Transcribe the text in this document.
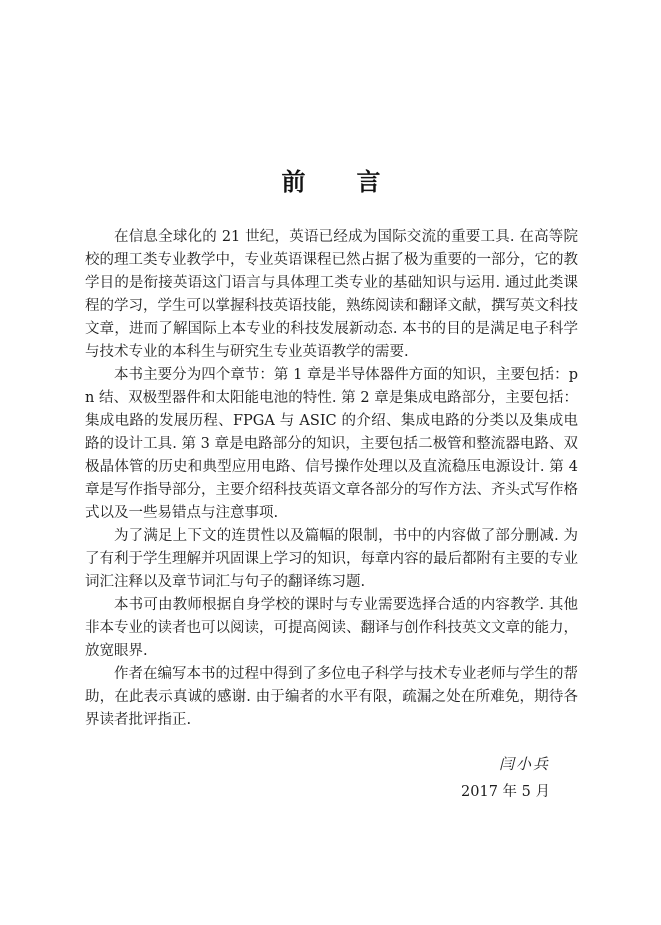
前　　言

在信息全球化的 21 世纪，英语已经成为国际交流的重要工具. 在高等院校的理工类专业教学中，专业英语课程已然占据了极为重要的一部分，它的教学目的是衔接英语这门语言与具体理工类专业的基础知识与运用. 通过此类课程的学习，学生可以掌握科技英语技能，熟练阅读和翻译文献，撰写英文科技文章，进而了解国际上本专业的科技发展新动态. 本书的目的是满足电子科学与技术专业的本科生与研究生专业英语教学的需要.

本书主要分为四个章节：第 1 章是半导体器件方面的知识，主要包括：pn 结、双极型器件和太阳能电池的特性. 第 2 章是集成电路部分，主要包括：集成电路的发展历程、FPGA 与 ASIC 的介绍、集成电路的分类以及集成电路的设计工具. 第 3 章是电路部分的知识，主要包括二极管和整流器电路、双极晶体管的历史和典型应用电路、信号操作处理以及直流稳压电源设计. 第 4 章是写作指导部分，主要介绍科技英语文章各部分的写作方法、齐头式写作格式以及一些易错点与注意事项.

为了满足上下文的连贯性以及篇幅的限制，书中的内容做了部分删减. 为了有利于学生理解并巩固课上学习的知识，每章内容的最后都附有主要的专业词汇注释以及章节词汇与句子的翻译练习题.

本书可由教师根据自身学校的课时与专业需要选择合适的内容教学. 其他非本专业的读者也可以阅读，可提高阅读、翻译与创作科技英文文章的能力，放宽眼界.

作者在编写本书的过程中得到了多位电子科学与技术专业老师与学生的帮助，在此表示真诚的感谢. 由于编者的水平有限，疏漏之处在所难免，期待各界读者批评指正.

闫小兵
2017 年 5 月
